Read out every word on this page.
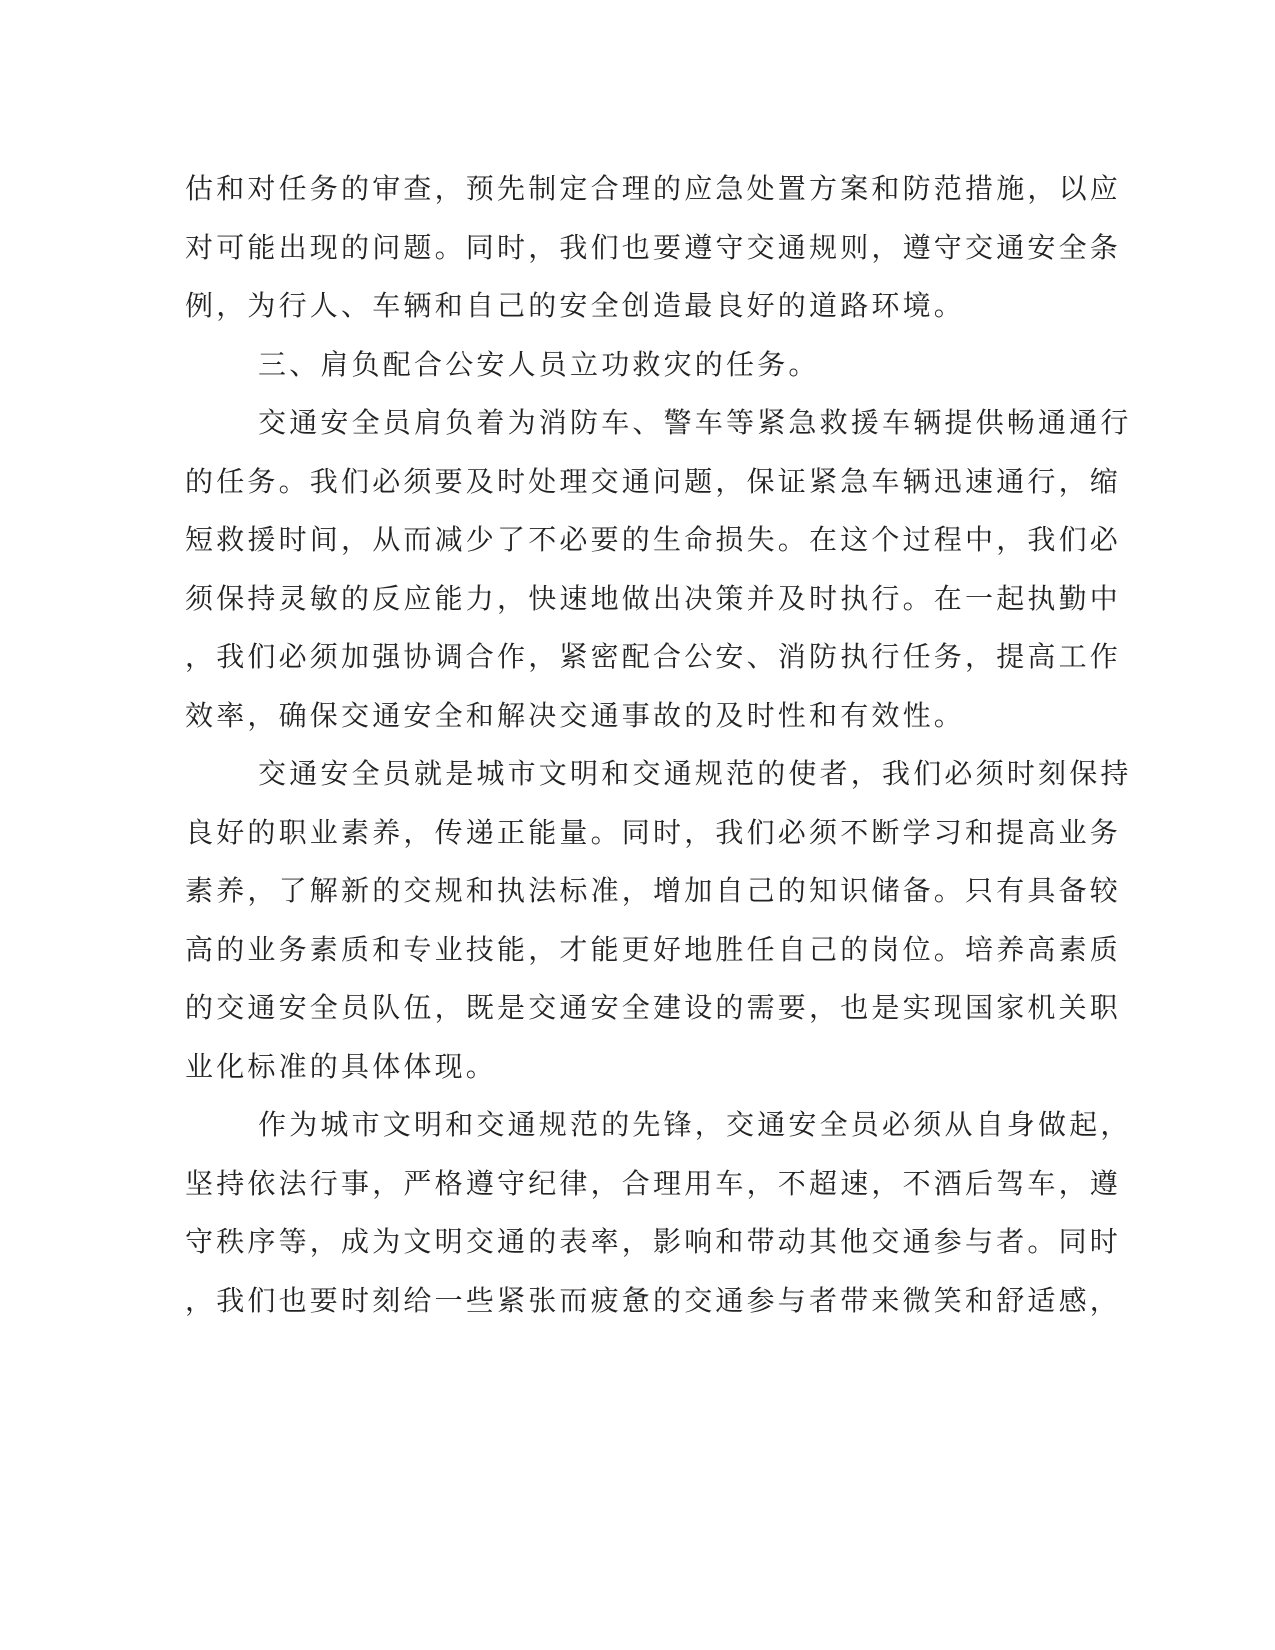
估和对任务的审查，预先制定合理的应急处置方案和防范措施，以应
对可能出现的问题。同时，我们也要遵守交通规则，遵守交通安全条
例，为行人、车辆和自己的安全创造最良好的道路环境。
三、肩负配合公安人员立功救灾的任务。
交通安全员肩负着为消防车、警车等紧急救援车辆提供畅通通行
的任务。我们必须要及时处理交通问题，保证紧急车辆迅速通行，缩
短救援时间，从而减少了不必要的生命损失。在这个过程中，我们必
须保持灵敏的反应能力，快速地做出决策并及时执行。在一起执勤中
，我们必须加强协调合作，紧密配合公安、消防执行任务，提高工作
效率，确保交通安全和解决交通事故的及时性和有效性。
交通安全员就是城市文明和交通规范的使者，我们必须时刻保持
良好的职业素养，传递正能量。同时，我们必须不断学习和提高业务
素养，了解新的交规和执法标准，增加自己的知识储备。只有具备较
高的业务素质和专业技能，才能更好地胜任自己的岗位。培养高素质
的交通安全员队伍，既是交通安全建设的需要，也是实现国家机关职
业化标准的具体体现。
作为城市文明和交通规范的先锋，交通安全员必须从自身做起，
坚持依法行事，严格遵守纪律，合理用车，不超速，不酒后驾车，遵
守秩序等，成为文明交通的表率，影响和带动其他交通参与者。同时
，我们也要时刻给一些紧张而疲惫的交通参与者带来微笑和舒适感，
